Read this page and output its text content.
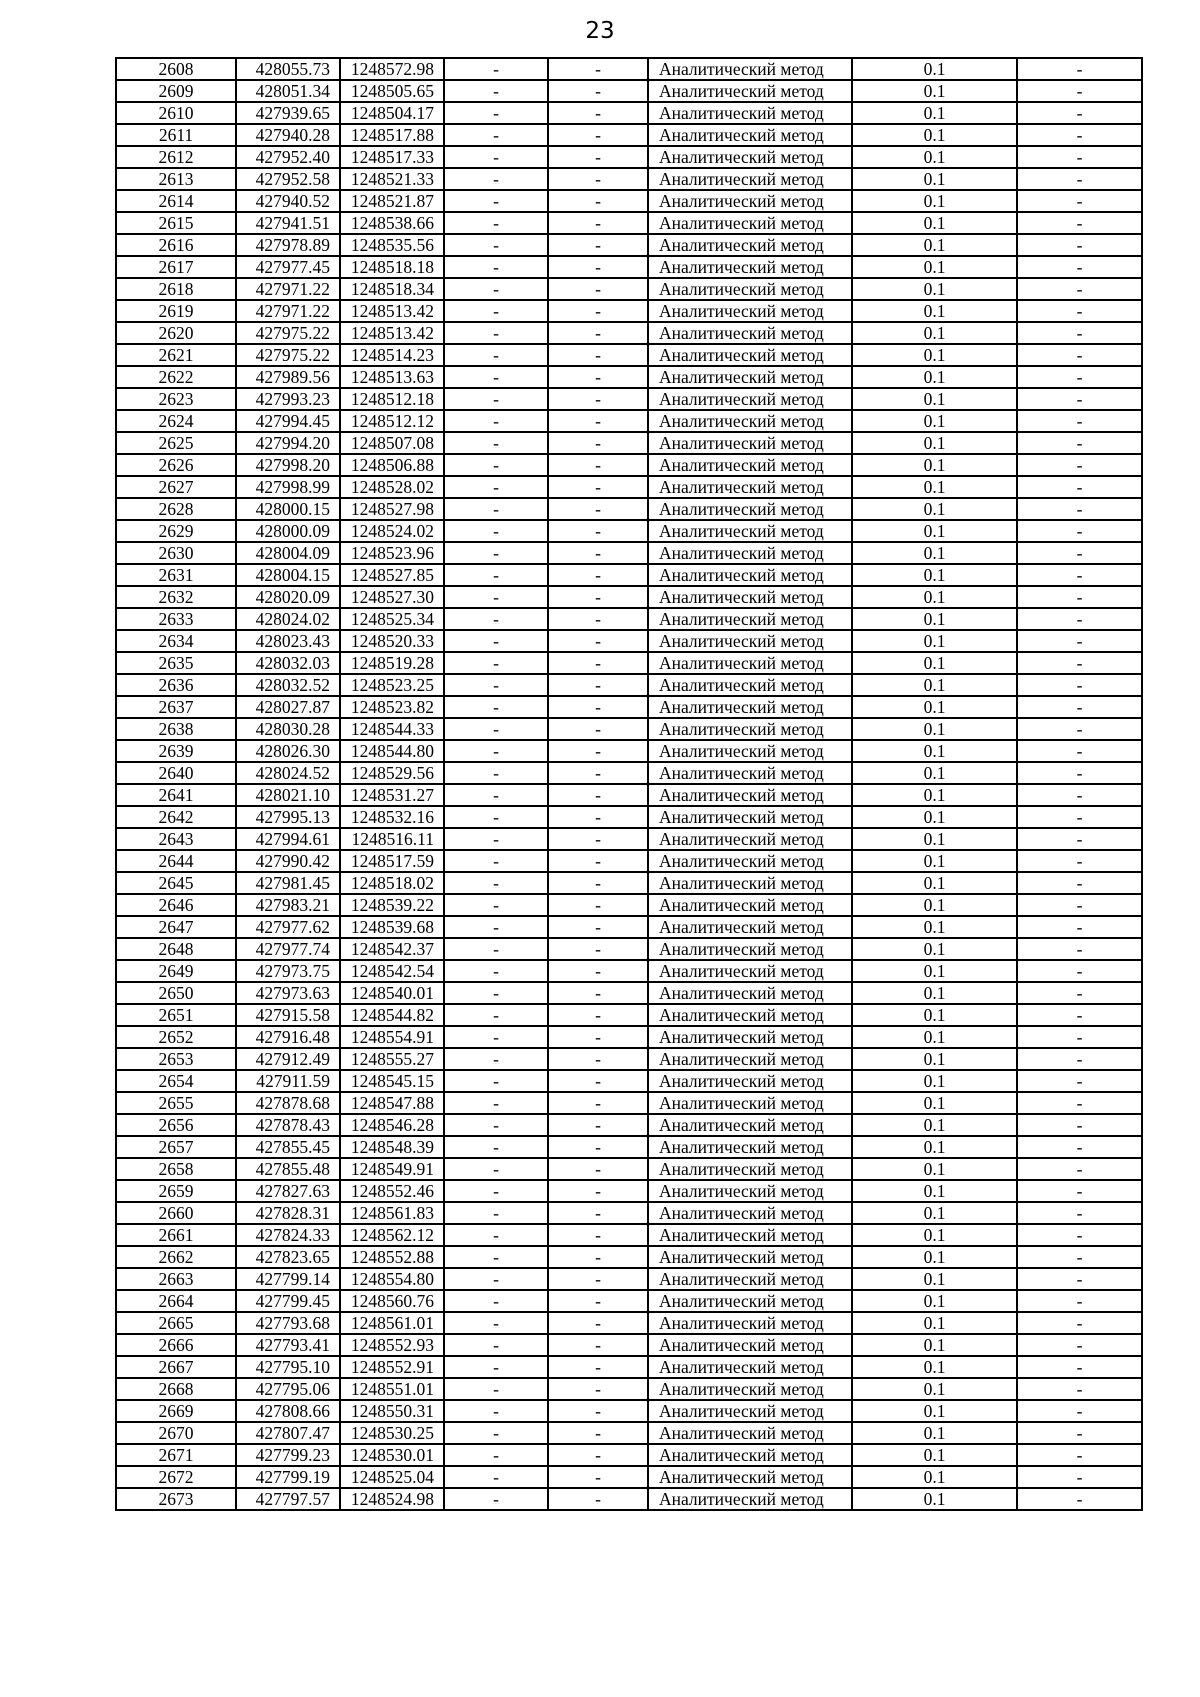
23
2608	428055.73	1248572.98	-	-	Аналитический метод	0.1	-
2609	428051.34	1248505.65	-	-	Аналитический метод	0.1	-
2610	427939.65	1248504.17	-	-	Аналитический метод	0.1	-
2611	427940.28	1248517.88	-	-	Аналитический метод	0.1	-
2612	427952.40	1248517.33	-	-	Аналитический метод	0.1	-
2613	427952.58	1248521.33	-	-	Аналитический метод	0.1	-
2614	427940.52	1248521.87	-	-	Аналитический метод	0.1	-
2615	427941.51	1248538.66	-	-	Аналитический метод	0.1	-
2616	427978.89	1248535.56	-	-	Аналитический метод	0.1	-
2617	427977.45	1248518.18	-	-	Аналитический метод	0.1	-
2618	427971.22	1248518.34	-	-	Аналитический метод	0.1	-
2619	427971.22	1248513.42	-	-	Аналитический метод	0.1	-
2620	427975.22	1248513.42	-	-	Аналитический метод	0.1	-
2621	427975.22	1248514.23	-	-	Аналитический метод	0.1	-
2622	427989.56	1248513.63	-	-	Аналитический метод	0.1	-
2623	427993.23	1248512.18	-	-	Аналитический метод	0.1	-
2624	427994.45	1248512.12	-	-	Аналитический метод	0.1	-
2625	427994.20	1248507.08	-	-	Аналитический метод	0.1	-
2626	427998.20	1248506.88	-	-	Аналитический метод	0.1	-
2627	427998.99	1248528.02	-	-	Аналитический метод	0.1	-
2628	428000.15	1248527.98	-	-	Аналитический метод	0.1	-
2629	428000.09	1248524.02	-	-	Аналитический метод	0.1	-
2630	428004.09	1248523.96	-	-	Аналитический метод	0.1	-
2631	428004.15	1248527.85	-	-	Аналитический метод	0.1	-
2632	428020.09	1248527.30	-	-	Аналитический метод	0.1	-
2633	428024.02	1248525.34	-	-	Аналитический метод	0.1	-
2634	428023.43	1248520.33	-	-	Аналитический метод	0.1	-
2635	428032.03	1248519.28	-	-	Аналитический метод	0.1	-
2636	428032.52	1248523.25	-	-	Аналитический метод	0.1	-
2637	428027.87	1248523.82	-	-	Аналитический метод	0.1	-
2638	428030.28	1248544.33	-	-	Аналитический метод	0.1	-
2639	428026.30	1248544.80	-	-	Аналитический метод	0.1	-
2640	428024.52	1248529.56	-	-	Аналитический метод	0.1	-
2641	428021.10	1248531.27	-	-	Аналитический метод	0.1	-
2642	427995.13	1248532.16	-	-	Аналитический метод	0.1	-
2643	427994.61	1248516.11	-	-	Аналитический метод	0.1	-
2644	427990.42	1248517.59	-	-	Аналитический метод	0.1	-
2645	427981.45	1248518.02	-	-	Аналитический метод	0.1	-
2646	427983.21	1248539.22	-	-	Аналитический метод	0.1	-
2647	427977.62	1248539.68	-	-	Аналитический метод	0.1	-
2648	427977.74	1248542.37	-	-	Аналитический метод	0.1	-
2649	427973.75	1248542.54	-	-	Аналитический метод	0.1	-
2650	427973.63	1248540.01	-	-	Аналитический метод	0.1	-
2651	427915.58	1248544.82	-	-	Аналитический метод	0.1	-
2652	427916.48	1248554.91	-	-	Аналитический метод	0.1	-
2653	427912.49	1248555.27	-	-	Аналитический метод	0.1	-
2654	427911.59	1248545.15	-	-	Аналитический метод	0.1	-
2655	427878.68	1248547.88	-	-	Аналитический метод	0.1	-
2656	427878.43	1248546.28	-	-	Аналитический метод	0.1	-
2657	427855.45	1248548.39	-	-	Аналитический метод	0.1	-
2658	427855.48	1248549.91	-	-	Аналитический метод	0.1	-
2659	427827.63	1248552.46	-	-	Аналитический метод	0.1	-
2660	427828.31	1248561.83	-	-	Аналитический метод	0.1	-
2661	427824.33	1248562.12	-	-	Аналитический метод	0.1	-
2662	427823.65	1248552.88	-	-	Аналитический метод	0.1	-
2663	427799.14	1248554.80	-	-	Аналитический метод	0.1	-
2664	427799.45	1248560.76	-	-	Аналитический метод	0.1	-
2665	427793.68	1248561.01	-	-	Аналитический метод	0.1	-
2666	427793.41	1248552.93	-	-	Аналитический метод	0.1	-
2667	427795.10	1248552.91	-	-	Аналитический метод	0.1	-
2668	427795.06	1248551.01	-	-	Аналитический метод	0.1	-
2669	427808.66	1248550.31	-	-	Аналитический метод	0.1	-
2670	427807.47	1248530.25	-	-	Аналитический метод	0.1	-
2671	427799.23	1248530.01	-	-	Аналитический метод	0.1	-
2672	427799.19	1248525.04	-	-	Аналитический метод	0.1	-
2673	427797.57	1248524.98	-	-	Аналитический метод	0.1	-
